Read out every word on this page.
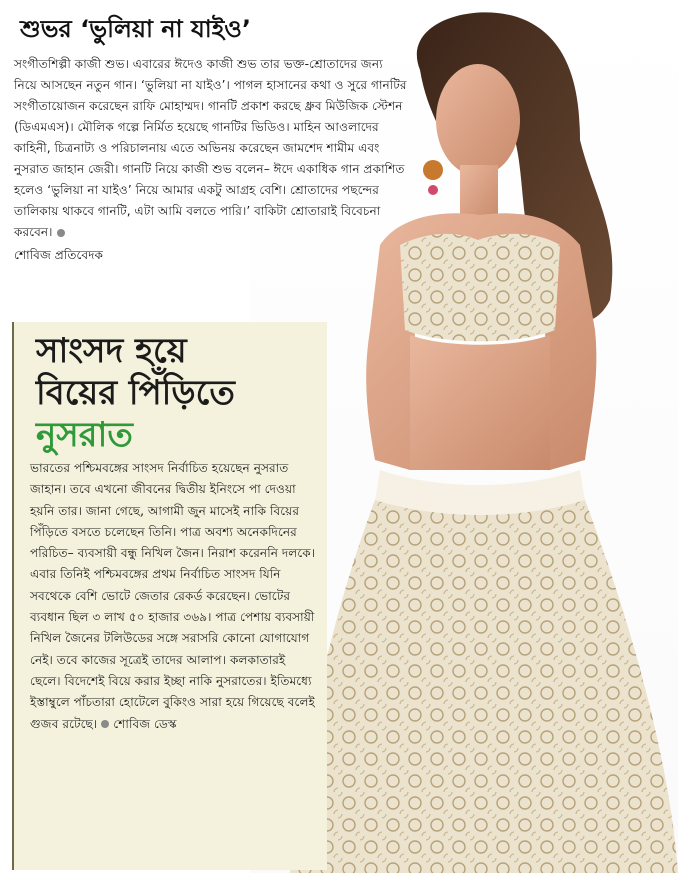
শুভর ‘ভুলিয়া না যাইও’

সংগীতশিল্পী কাজী শুভ। এবারের ঈদেও কাজী শুভ তার ভক্ত-শ্রোতাদের জন্য নিয়ে আসছেন নতুন গান। ‘ভুলিয়া না যাইও’। পাগল হাসানের কথা ও সুরে গানটির সংগীতায়োজন করেছেন রাফি মোহাম্মদ। গানটি প্রকাশ করছে ধ্রুব মিউজিক স্টেশন (ডিএমএস)। মৌলিক গল্পে নির্মিত হয়েছে গানটির ভিডিও। মাহিন আওলাদের কাহিনী, চিত্রনাট্য ও পরিচালনায় এতে অভিনয় করেছেন জামশেদ শামীম এবং নুসরাত জাহান জেরী। গানটি নিয়ে কাজী শুভ বলেন– ঈদে একাধিক গান প্রকাশিত হলেও ‘ভুলিয়া না যাইও’ নিয়ে আমার একটু আগ্রহ বেশি। শ্রোতাদের পছন্দের তালিকায় থাকবে গানটি, এটা আমি বলতে পারি।’ বাকিটা শ্রোতারাই বিবেচনা করবেন।

শোবিজ প্রতিবেদক
সাংসদ হয়ে
বিয়ের পিঁড়িতে
নুসরাত

ভারতের পশ্চিমবঙ্গের সাংসদ নির্বাচিত হয়েছেন নুসরাত জাহান। তবে এখনো জীবনের দ্বিতীয় ইনিংসে পা দেওয়া হয়নি তার। জানা গেছে, আগামী জুন মাসেই নাকি বিয়ের পিঁড়িতে বসতে চলেছেন তিনি। পাত্র অবশ্য অনেকদিনের পরিচিত– ব্যবসায়ী বন্ধু নিখিল জৈন। নিরাশ করেননি দলকে। এবার তিনিই পশ্চিমবঙ্গের প্রথম নির্বাচিত সাংসদ যিনি সবথেকে বেশি ভোটে জেতার রেকর্ড করেছেন। ভোটের ব্যবধান ছিল ৩ লাখ ৫০ হাজার ৩৬৯। পাত্র পেশায় ব্যবসায়ী নিখিল জৈনের টলিউডের সঙ্গে সরাসরি কোনো যোগাযোগ নেই। তবে কাজের সূত্রেই তাদের আলাপ। কলকাতারই ছেলে। বিদেশেই বিয়ে করার ইচ্ছা নাকি নুসরাতের। ইতিমধ্যে ইস্তাম্বুলে পাঁচতারা হোটেলে বুকিংও সারা হয়ে গিয়েছে বলেই গুজব রটেছে। শোবিজ ডেস্ক
